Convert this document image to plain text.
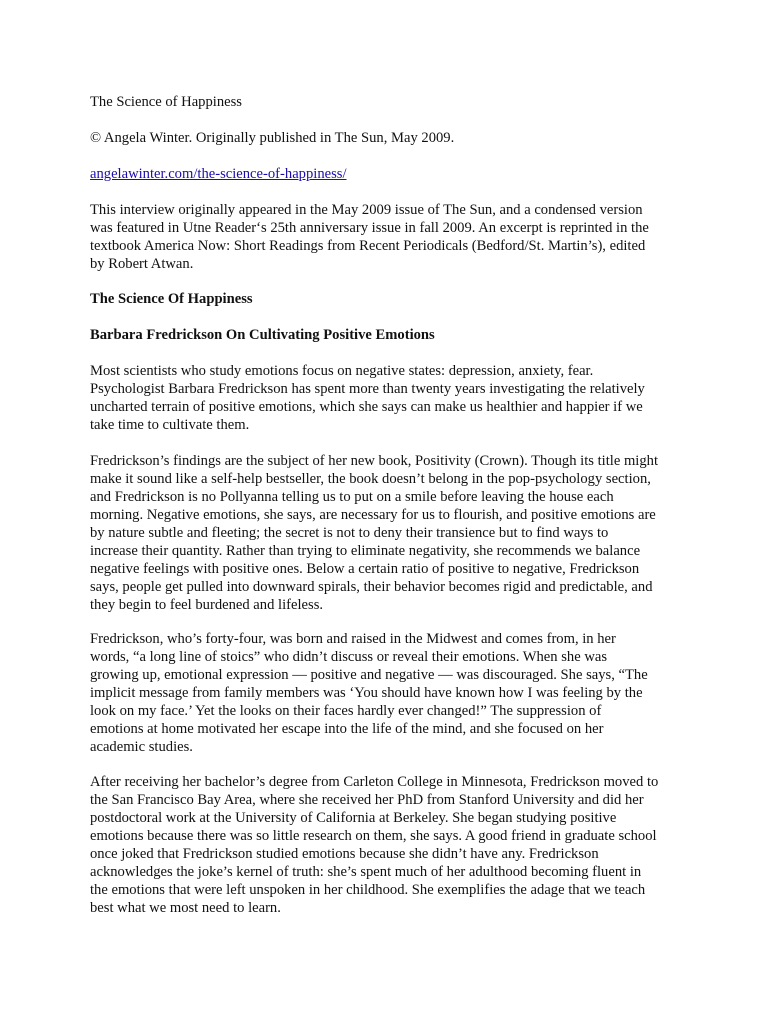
The Science of Happiness
© Angela Winter. Originally published in The Sun, May 2009.
angelawinter.com/the-science-of-happiness/
This interview originally appeared in the May 2009 issue of The Sun, and a condensed version
was featured in Utne Reader‘s 25th anniversary issue in fall 2009. An excerpt is reprinted in the
textbook America Now: Short Readings from Recent Periodicals (Bedford/St. Martin’s), edited
by Robert Atwan.
The Science Of Happiness
Barbara Fredrickson On Cultivating Positive Emotions
Most scientists who study emotions focus on negative states: depression, anxiety, fear.
Psychologist Barbara Fredrickson has spent more than twenty years investigating the relatively
uncharted terrain of positive emotions, which she says can make us healthier and happier if we
take time to cultivate them.
Fredrickson’s findings are the subject of her new book, Positivity (Crown). Though its title might
make it sound like a self-help bestseller, the book doesn’t belong in the pop-psychology section,
and Fredrickson is no Pollyanna telling us to put on a smile before leaving the house each
morning. Negative emotions, she says, are necessary for us to flourish, and positive emotions are
by nature subtle and fleeting; the secret is not to deny their transience but to find ways to
increase their quantity. Rather than trying to eliminate negativity, she recommends we balance
negative feelings with positive ones. Below a certain ratio of positive to negative, Fredrickson
says, people get pulled into downward spirals, their behavior becomes rigid and predictable, and
they begin to feel burdened and lifeless.
Fredrickson, who’s forty-four, was born and raised in the Midwest and comes from, in her
words, “a long line of stoics” who didn’t discuss or reveal their emotions. When she was
growing up, emotional expression — positive and negative — was discouraged. She says, “The
implicit message from family members was ‘You should have known how I was feeling by the
look on my face.’ Yet the looks on their faces hardly ever changed!” The suppression of
emotions at home motivated her escape into the life of the mind, and she focused on her
academic studies.
After receiving her bachelor’s degree from Carleton College in Minnesota, Fredrickson moved to
the San Francisco Bay Area, where she received her PhD from Stanford University and did her
postdoctoral work at the University of California at Berkeley. She began studying positive
emotions because there was so little research on them, she says. A good friend in graduate school
once joked that Fredrickson studied emotions because she didn’t have any. Fredrickson
acknowledges the joke’s kernel of truth: she’s spent much of her adulthood becoming fluent in
the emotions that were left unspoken in her childhood. She exemplifies the adage that we teach
best what we most need to learn.
